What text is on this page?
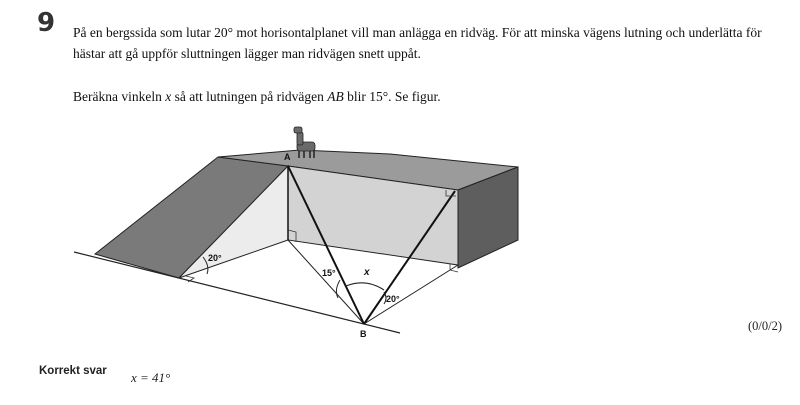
9 På en bergssida som lutar 20° mot horisontalplanet vill man anlägga en ridväg. För att minska vägens lutning och underlätta för hästar att gå uppför sluttningen lägger man ridvägen snett uppåt.

Beräkna vinkeln x så att lutningen på ridvägen AB blir 15°. Se figur.

A
B
15°	x
20°
20°
(0/0/2)
Korrekt svar x = 41°
